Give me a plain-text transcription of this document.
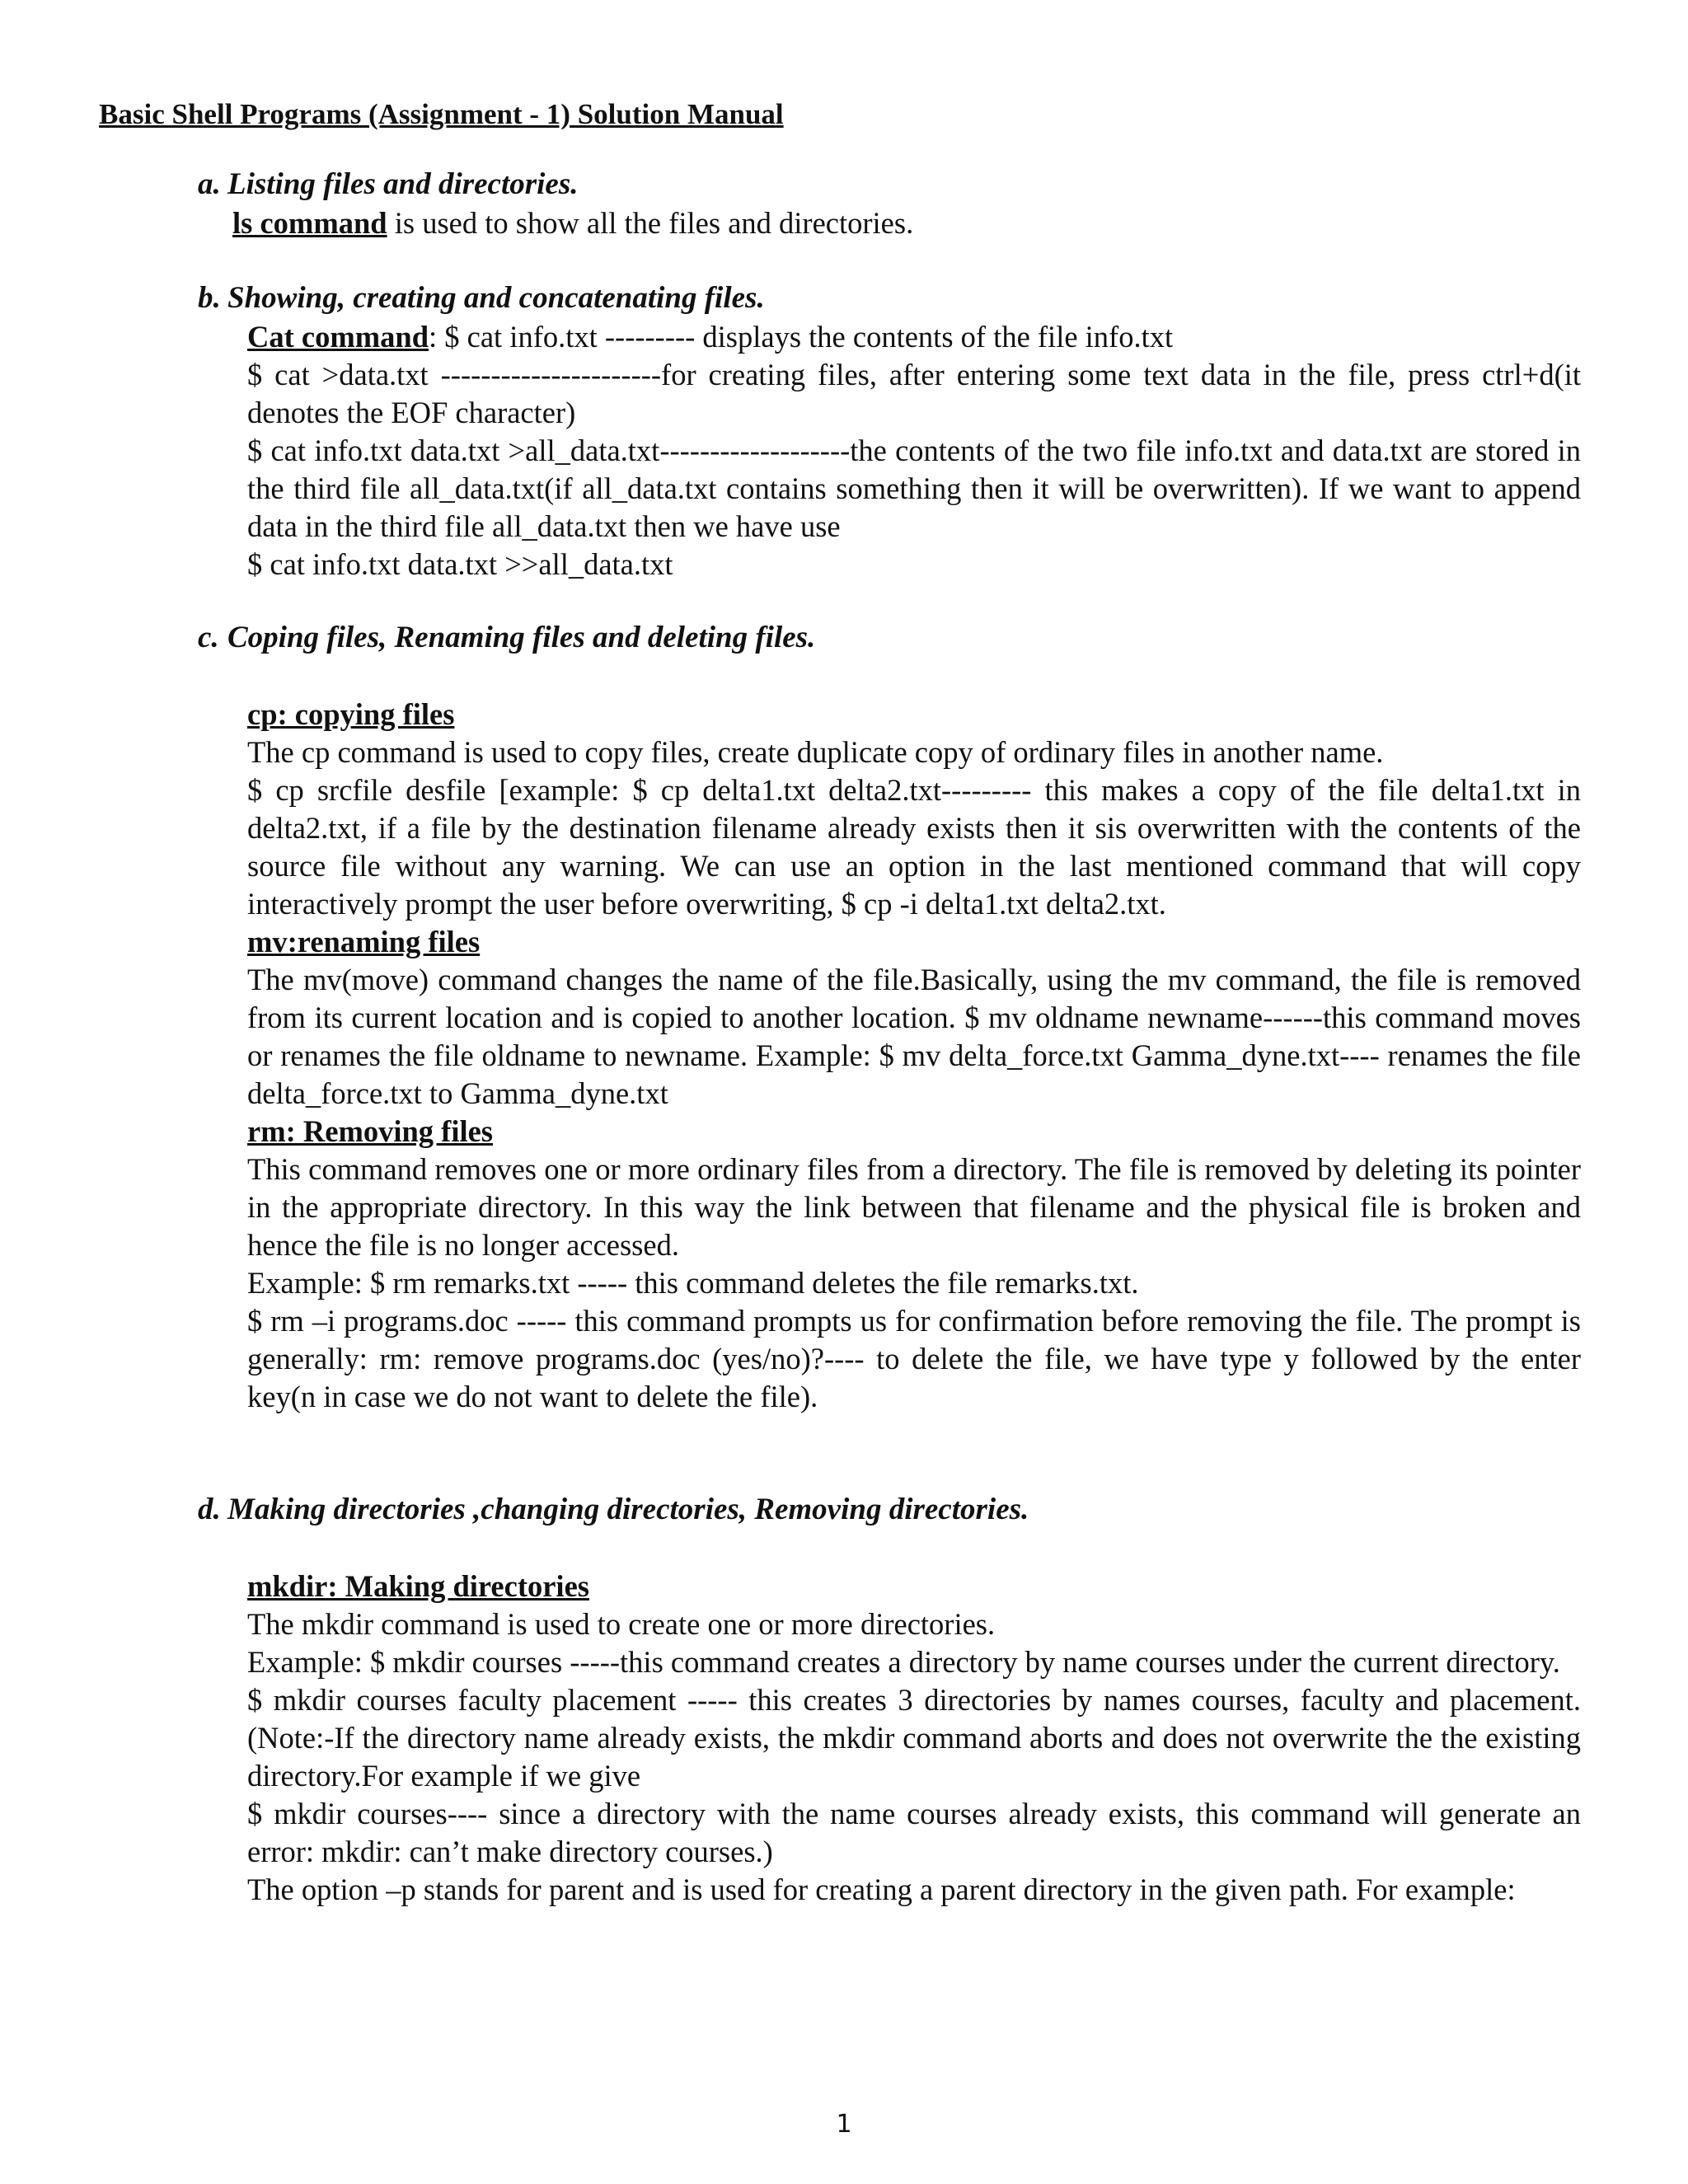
Basic Shell Programs (Assignment - 1) Solution Manual
a. Listing files and directories.

ls command is used to show all the files and directories.

b. Showing, creating and concatenating files.

Cat command: $ cat info.txt --------- displays the contents of the file info.txt

$ cat >data.txt ----------------------for creating files, after entering some text data in the file, press ctrl+d(it denotes the EOF character)

$ cat info.txt data.txt >all_data.txt-------------------the contents of the two file info.txt and data.txt are stored in the third file all_data.txt(if all_data.txt contains something then it will be overwritten). If we want to append data in the third file all_data.txt then we have use

$ cat info.txt data.txt >>all_data.txt

c. Coping files, Renaming files and deleting files.

cp: copying files

The cp command is used to copy files, create duplicate copy of ordinary files in another name.

$ cp srcfile desfile [example: $ cp delta1.txt delta2.txt--------- this makes a copy of the file delta1.txt in delta2.txt, if a file by the destination filename already exists then it sis overwritten with the contents of the source file without any warning. We can use an option in the last mentioned command that will copy interactively prompt the user before overwriting, $ cp -i delta1.txt delta2.txt.

mv:renaming files

The mv(move) command changes the name of the file.Basically, using the mv command, the file is removed from its current location and is copied to another location. $ mv oldname newname------this command moves or renames the file oldname to newname. Example: $ mv delta_force.txt Gamma_dyne.txt---- renames the file delta_force.txt to Gamma_dyne.txt

rm: Removing files

This command removes one or more ordinary files from a directory. The file is removed by deleting its pointer in the appropriate directory. In this way the link between that filename and the physical file is broken and hence the file is no longer accessed.

Example: $ rm remarks.txt ----- this command deletes the file remarks.txt.

$ rm –i programs.doc ----- this command prompts us for confirmation before removing the file. The prompt is generally: rm: remove programs.doc (yes/no)?---- to delete the file, we have type y followed by the enter key(n in case we do not want to delete the file).

d. Making directories ,changing directories, Removing directories.

mkdir: Making directories

The mkdir command is used to create one or more directories.

Example: $ mkdir courses -----this command creates a directory by name courses under the current directory.

$ mkdir courses faculty placement ----- this creates 3 directories by names courses, faculty and placement. (Note:-If the directory name already exists, the mkdir command aborts and does not overwrite the the existing directory.For example if we give

$ mkdir courses---- since a directory with the name courses already exists, this command will generate an error: mkdir: can’t make directory courses.)

The option –p stands for parent and is used for creating a parent directory in the given path. For example:

1
